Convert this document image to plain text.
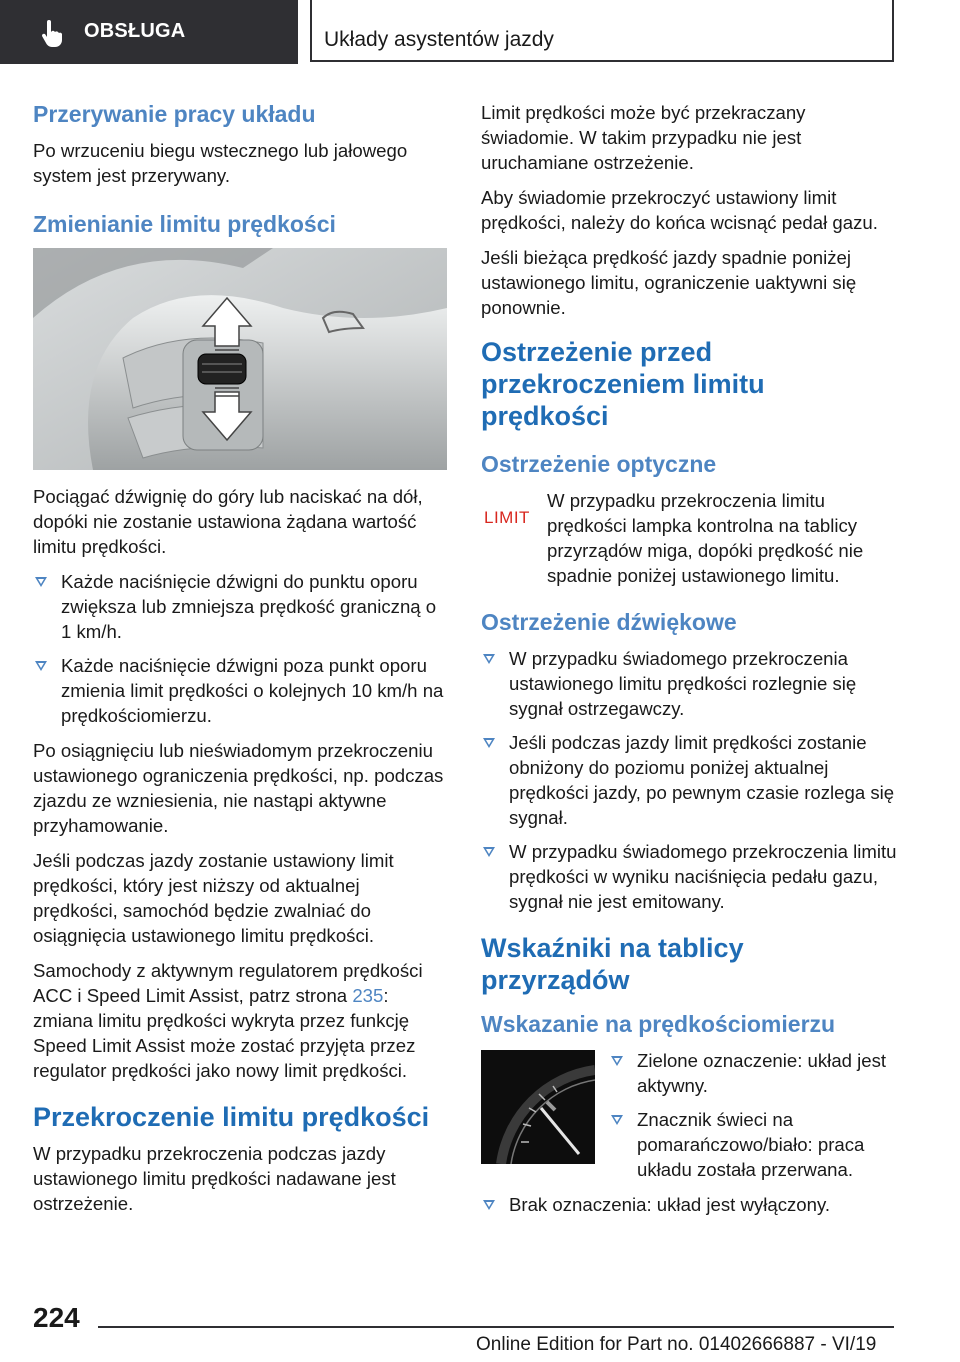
OBSŁUGA	Układy asystentów jazdy
Przerywanie pracy układu

Po wrzuceniu biegu wstecznego lub jałowego system jest przerywany.

Zmienianie limitu prędkości

Pociągać dźwignię do góry lub naciskać na dół, dopóki nie zostanie ustawiona żądana wartość limitu prędkości.

Każde naciśnięcie dźwigni do punktu oporu zwiększa lub zmniejsza prędkość graniczną o 1 km/h.
Każde naciśnięcie dźwigni poza punkt oporu zmienia limit prędkości o kolejnych 10 km/h na prędkościomierzu.

Po osiągnięciu lub nieświadomym przekroczeniu ustawionego ograniczenia prędkości, np. podczas zjazdu ze wzniesienia, nie nastąpi aktywne przyhamowanie.

Jeśli podczas jazdy zostanie ustawiony limit prędkości, który jest niższy od aktualnej prędkości, samochód będzie zwalniać do osiągnięcia ustawionego limitu prędkości.

Samochody z aktywnym regulatorem prędkości ACC i Speed Limit Assist, patrz strona 235: zmiana limitu prędkości wykryta przez funkcję Speed Limit Assist może zostać przyjęta przez regulator prędkości jako nowy limit prędkości.

Przekroczenie limitu prędkości

W przypadku przekroczenia podczas jazdy ustawionego limitu prędkości nadawane jest ostrzeżenie.

Limit prędkości może być przekraczany świadomie. W takim przypadku nie jest uruchamiane ostrzeżenie.

Aby świadomie przekroczyć ustawiony limit prędkości, należy do końca wcisnąć pedał gazu.

Jeśli bieżąca prędkość jazdy spadnie poniżej ustawionego limitu, ograniczenie uaktywni się ponownie.

Ostrzeżenie przed przekroczeniem limitu prędkości
Ostrzeżenie optyczne
LIMIT
W przypadku przekroczenia limitu prędkości lampka kontrolna na tablicy przyrządów miga, dopóki prędkość nie spadnie poniżej ustawionego limitu.
Ostrzeżenie dźwiękowe
W przypadku świadomego przekroczenia ustawionego limitu prędkości rozlegnie się sygnał ostrzegawczy.
Jeśli podczas jazdy limit prędkości zostanie obniżony do poziomu poniżej aktualnej prędkości jazdy, po pewnym czasie rozlega się sygnał.
W przypadku świadomego przekroczenia limitu prędkości w wyniku naciśnięcia pedału gazu, sygnał nie jest emitowany.
Wskaźniki na tablicy przyrządów
Wskazanie na prędkościomierzu
Zielone oznaczenie: układ jest aktywny.
Znacznik świeci na pomarańczowo/biało: praca układu została przerwana.
Brak oznaczenia: układ jest wyłączony.
224
Online Edition for Part no. 01402666887 - VI/19
